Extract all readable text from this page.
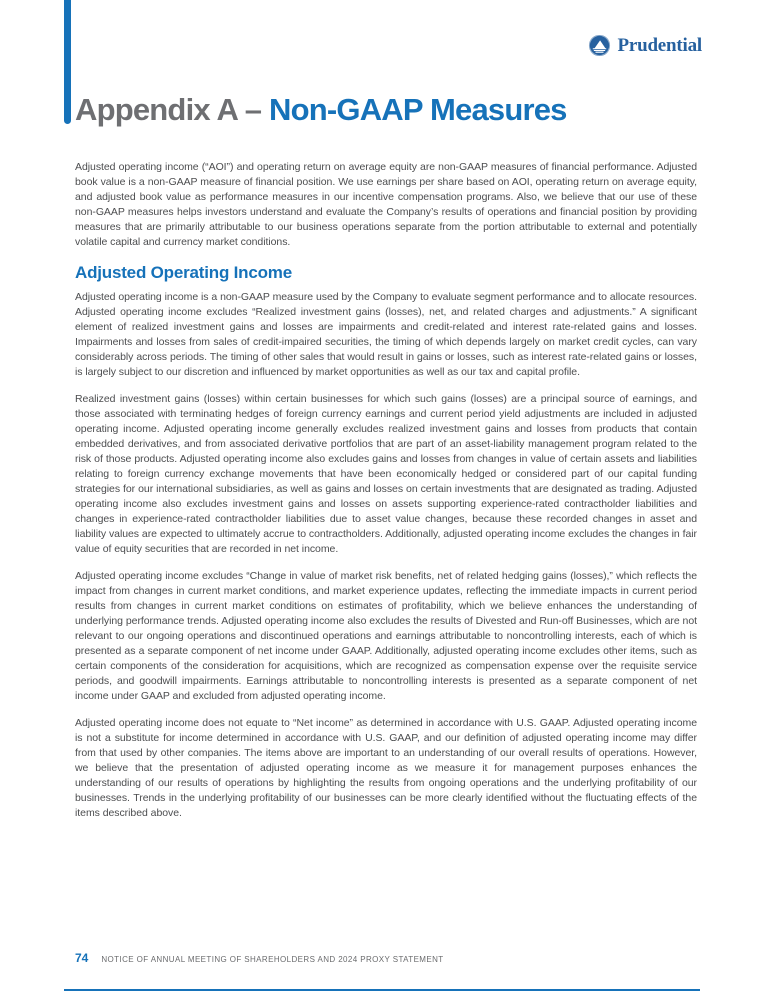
Prudential
Appendix A – Non-GAAP Measures

Adjusted operating income (“AOI”) and operating return on average equity are non-GAAP measures of financial performance. Adjusted book value is a non-GAAP measure of financial position. We use earnings per share based on AOI, operating return on average equity, and adjusted book value as performance measures in our incentive compensation programs. Also, we believe that our use of these non-GAAP measures helps investors understand and evaluate the Company’s results of operations and financial position by providing measures that are primarily attributable to our business operations separate from the portion attributable to external and potentially volatile capital and currency market conditions.

Adjusted Operating Income

Adjusted operating income is a non-GAAP measure used by the Company to evaluate segment performance and to allocate resources. Adjusted operating income excludes “Realized investment gains (losses), net, and related charges and adjustments.” A significant element of realized investment gains and losses are impairments and credit-related and interest rate-related gains and losses. Impairments and losses from sales of credit-impaired securities, the timing of which depends largely on market credit cycles, can vary considerably across periods. The timing of other sales that would result in gains or losses, such as interest rate-related gains or losses, is largely subject to our discretion and influenced by market opportunities as well as our tax and capital profile.

Realized investment gains (losses) within certain businesses for which such gains (losses) are a principal source of earnings, and those associated with terminating hedges of foreign currency earnings and current period yield adjustments are included in adjusted operating income. Adjusted operating income generally excludes realized investment gains and losses from products that contain embedded derivatives, and from associated derivative portfolios that are part of an asset-liability management program related to the risk of those products. Adjusted operating income also excludes gains and losses from changes in value of certain assets and liabilities relating to foreign currency exchange movements that have been economically hedged or considered part of our capital funding strategies for our international subsidiaries, as well as gains and losses on certain investments that are designated as trading. Adjusted operating income also excludes investment gains and losses on assets supporting experience-rated contractholder liabilities and changes in experience-rated contractholder liabilities due to asset value changes, because these recorded changes in asset and liability values are expected to ultimately accrue to contractholders. Additionally, adjusted operating income excludes the changes in fair value of equity securities that are recorded in net income.

Adjusted operating income excludes “Change in value of market risk benefits, net of related hedging gains (losses),” which reflects the impact from changes in current market conditions, and market experience updates, reflecting the immediate impacts in current period results from changes in current market conditions on estimates of profitability, which we believe enhances the understanding of underlying performance trends. Adjusted operating income also excludes the results of Divested and Run-off Businesses, which are not relevant to our ongoing operations and discontinued operations and earnings attributable to noncontrolling interests, each of which is presented as a separate component of net income under GAAP. Additionally, adjusted operating income excludes other items, such as certain components of the consideration for acquisitions, which are recognized as compensation expense over the requisite service periods, and goodwill impairments. Earnings attributable to noncontrolling interests is presented as a separate component of net income under GAAP and excluded from adjusted operating income.

Adjusted operating income does not equate to “Net income” as determined in accordance with U.S. GAAP. Adjusted operating income is not a substitute for income determined in accordance with U.S. GAAP, and our definition of adjusted operating income may differ from that used by other companies. The items above are important to an understanding of our overall results of operations. However, we believe that the presentation of adjusted operating income as we measure it for management purposes enhances the understanding of our results of operations by highlighting the results from ongoing operations and the underlying profitability of our businesses. Trends in the underlying profitability of our businesses can be more clearly identified without the fluctuating effects of the items described above.

74 NOTICE OF ANNUAL MEETING OF SHAREHOLDERS AND 2024 PROXY STATEMENT
